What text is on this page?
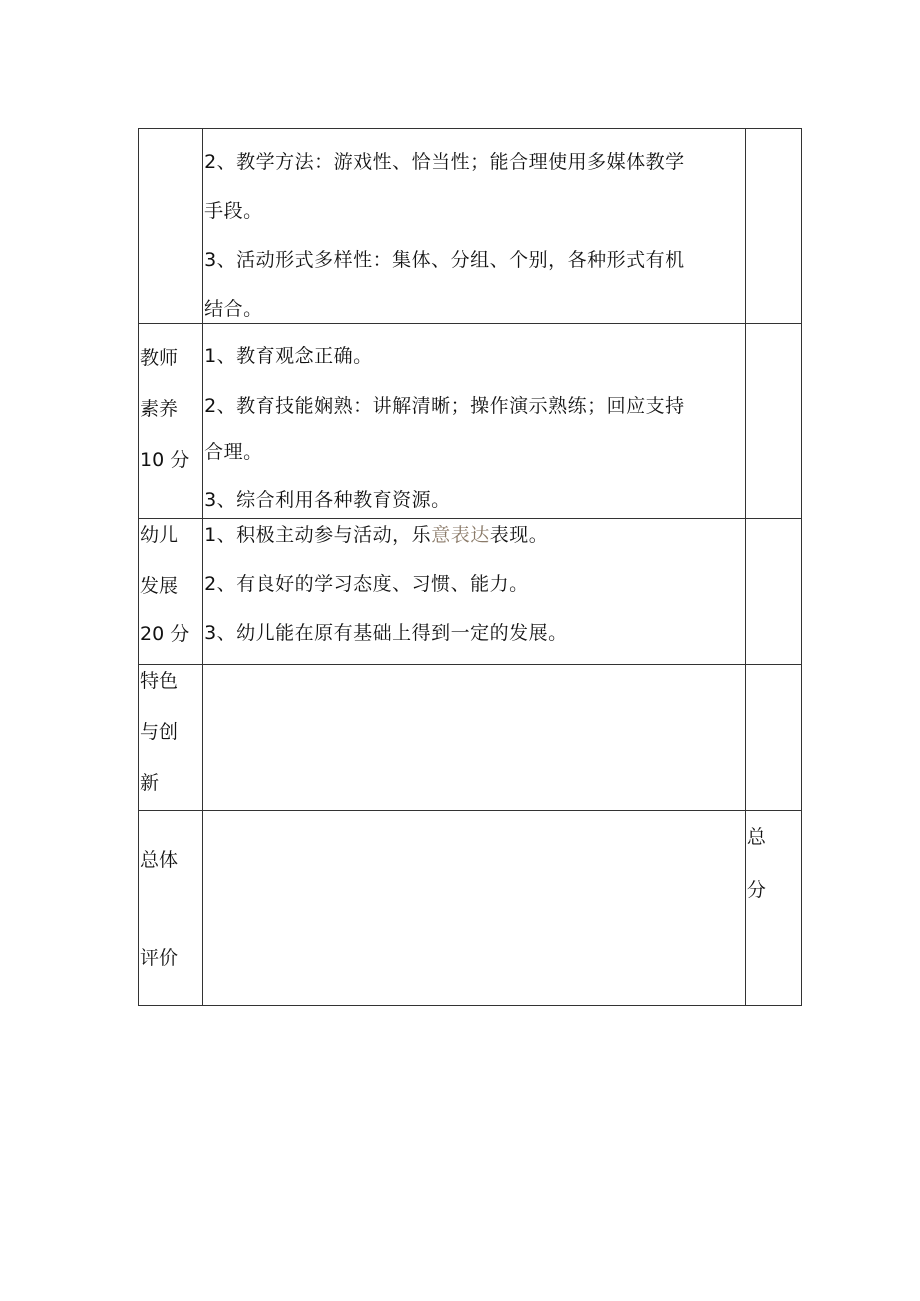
	2、教学方法：游戏性、恰当性；能合理使用多媒体教学
手段。
3、活动形式多样性：集体、分组、个别，各种形式有机
结合。	

教师
素养
10 分	1、教育观念正确。
2、教育技能娴熟：讲解清晰；操作演示熟练；回应支持
合理。
3、综合利用各种教育资源。	

幼儿
发展
20 分	1、积极主动参与活动，乐意表达表现。
2、有良好的学习态度、习惯、能力。
3、幼儿能在原有基础上得到一定的发展。	

特色
与创
新		

总体
评价		总
分
